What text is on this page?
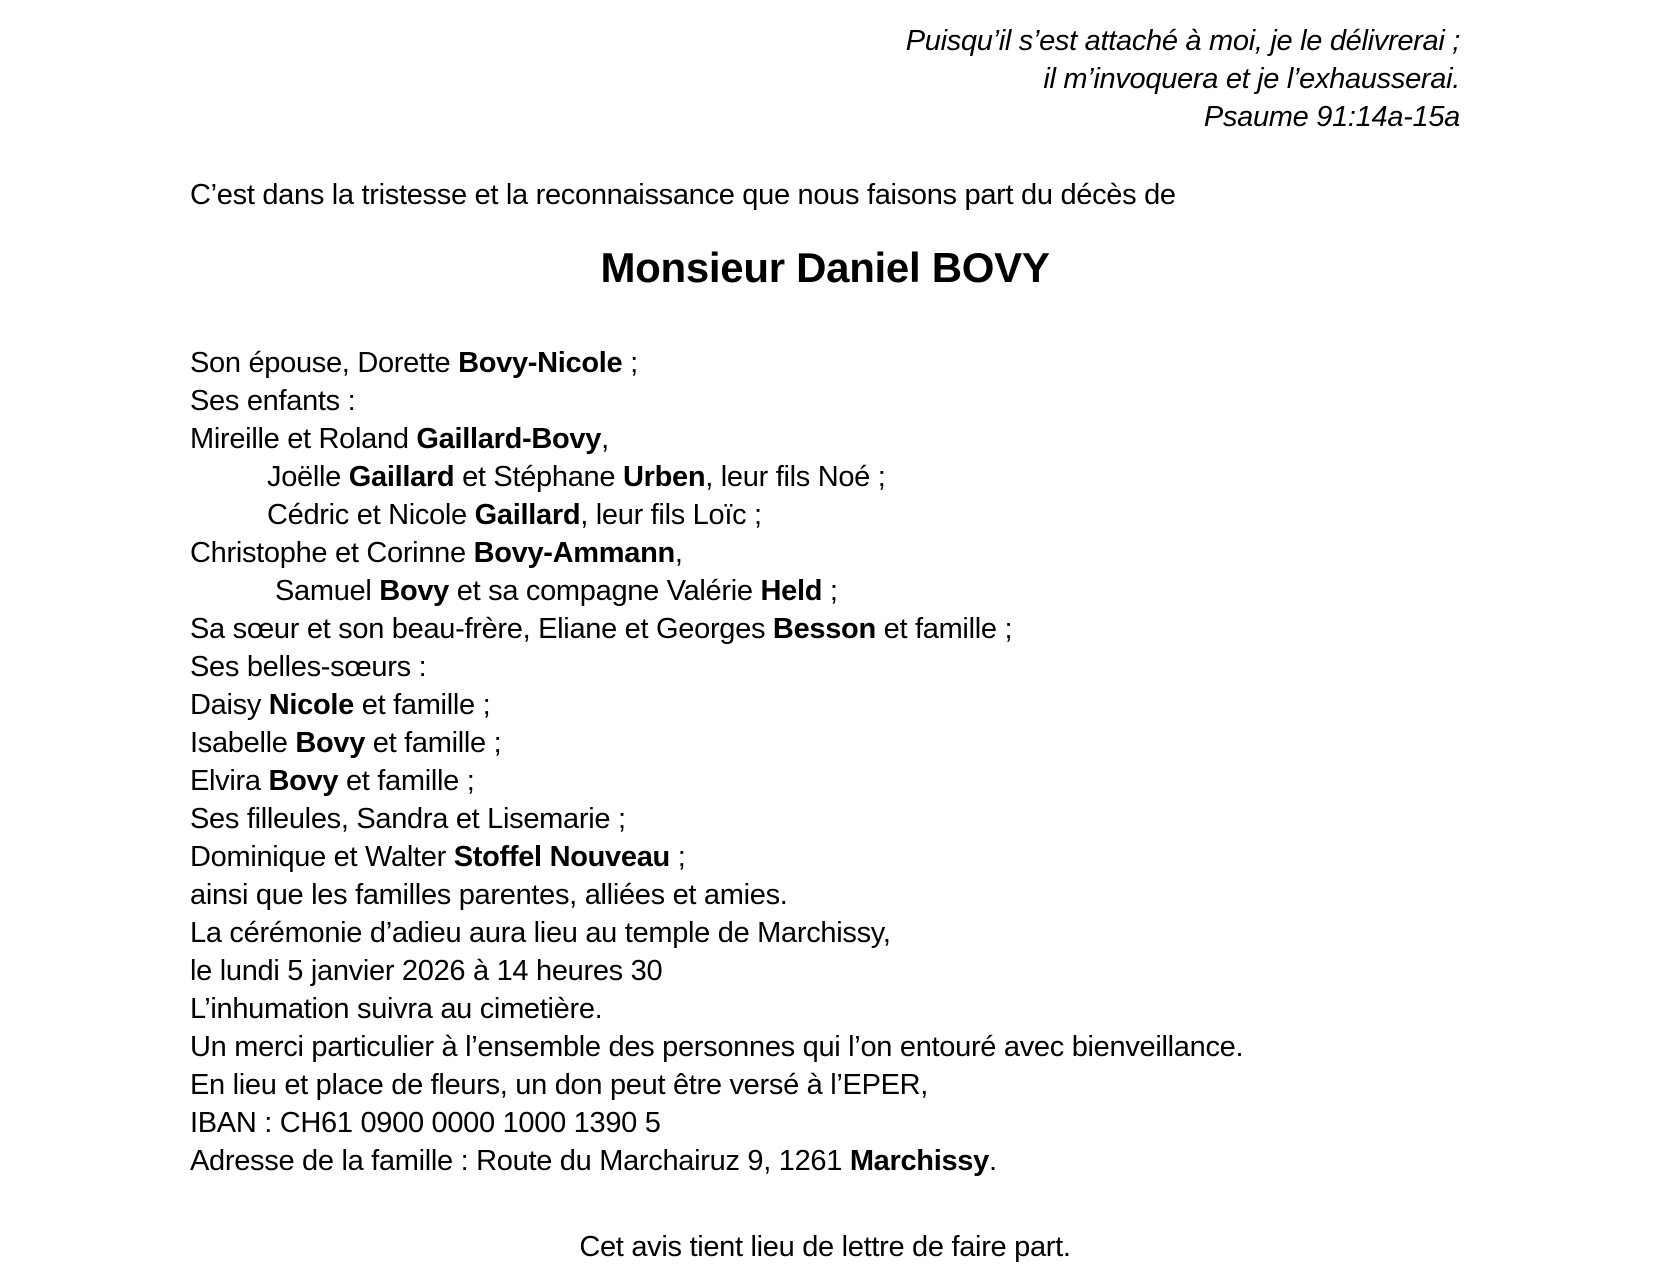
Puisqu’il s’est attaché à moi, je le délivrerai ;
il m’invoquera et je l’exhausserai.
Psaume 91:14a-15a
C’est dans la tristesse et la reconnaissance que nous faisons part du décès de
Monsieur Daniel BOVY
Son épouse, Dorette Bovy-Nicole ;
Ses enfants :
Mireille et Roland Gaillard-Bovy,
Joëlle Gaillard et Stéphane Urben, leur fils Noé ;
Cédric et Nicole Gaillard, leur fils Loïc ;
Christophe et Corinne Bovy-Ammann,
Samuel Bovy et sa compagne Valérie Held ;
Sa sœur et son beau-frère, Eliane et Georges Besson et famille ;
Ses belles-sœurs :
Daisy Nicole et famille ;
Isabelle Bovy et famille ;
Elvira Bovy et famille ;
Ses filleules, Sandra et Lisemarie ;
Dominique et Walter Stoffel Nouveau ;
ainsi que les familles parentes, alliées et amies.
La cérémonie d’adieu aura lieu au temple de Marchissy,
le lundi 5 janvier 2026 à 14 heures 30
L’inhumation suivra au cimetière.
Un merci particulier à l’ensemble des personnes qui l’on entouré avec bienveillance.
En lieu et place de fleurs, un don peut être versé à l’EPER,
IBAN : CH61 0900 0000 1000 1390 5
Adresse de la famille : Route du Marchairuz 9, 1261 Marchissy.
Cet avis tient lieu de lettre de faire part.
